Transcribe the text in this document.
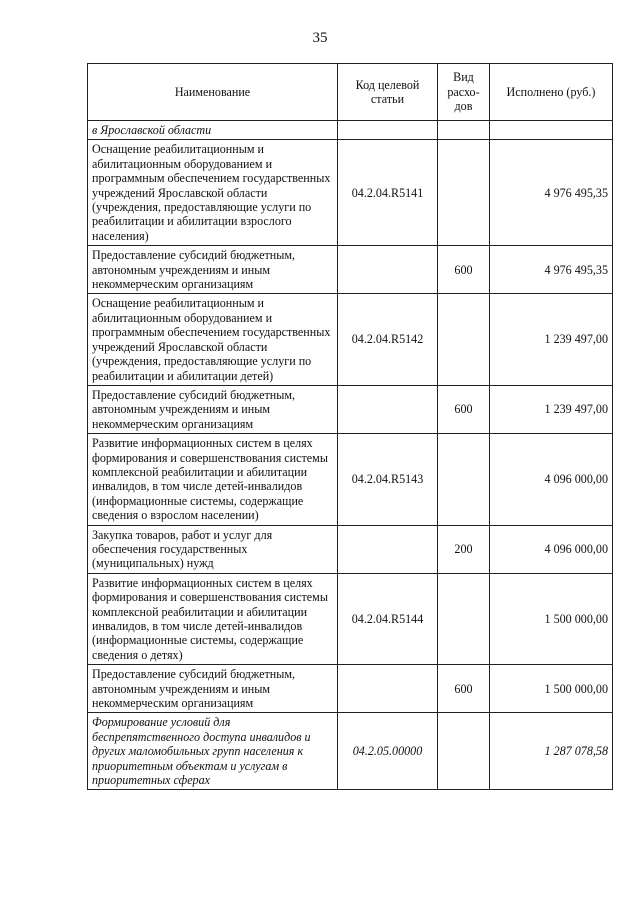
35
Наименование	Код целевой статьи	Вид расхо-дов	Исполнено (руб.)
в Ярославской области			
Оснащение реабилитационным и абилитационным оборудованием и программным обеспечением государственных учреждений Ярославской области (учреждения, предоставляющие услуги по реабилитации и абилитации взрослого населения)	04.2.04.R5141		4 976 495,35
Предоставление субсидий бюджетным, автономным учреждениям и иным некоммерческим организациям		600	4 976 495,35
Оснащение реабилитационным и абилитационным оборудованием и программным обеспечением государственных учреждений Ярославской области (учреждения, предоставляющие услуги по реабилитации и абилитации детей)	04.2.04.R5142		1 239 497,00
Предоставление субсидий бюджетным, автономным учреждениям и иным некоммерческим организациям		600	1 239 497,00
Развитие информационных систем в целях формирования и совершенствования системы комплексной реабилитации и абилитации инвалидов, в том числе детей-инвалидов (информационные системы, содержащие сведения о взрослом населении)	04.2.04.R5143		4 096 000,00
Закупка товаров, работ и услуг для обеспечения государственных (муниципальных) нужд		200	4 096 000,00
Развитие информационных систем в целях формирования и совершенствования системы комплексной реабилитации и абилитации инвалидов, в том числе детей-инвалидов (информационные системы, содержащие сведения о детях)	04.2.04.R5144		1 500 000,00
Предоставление субсидий бюджетным, автономным учреждениям и иным некоммерческим организациям		600	1 500 000,00
Формирование условий для беспрепятственного доступа инвалидов и других маломобильных групп населения к приоритетным объектам и услугам в приоритетных сферах	04.2.05.00000		1 287 078,58
